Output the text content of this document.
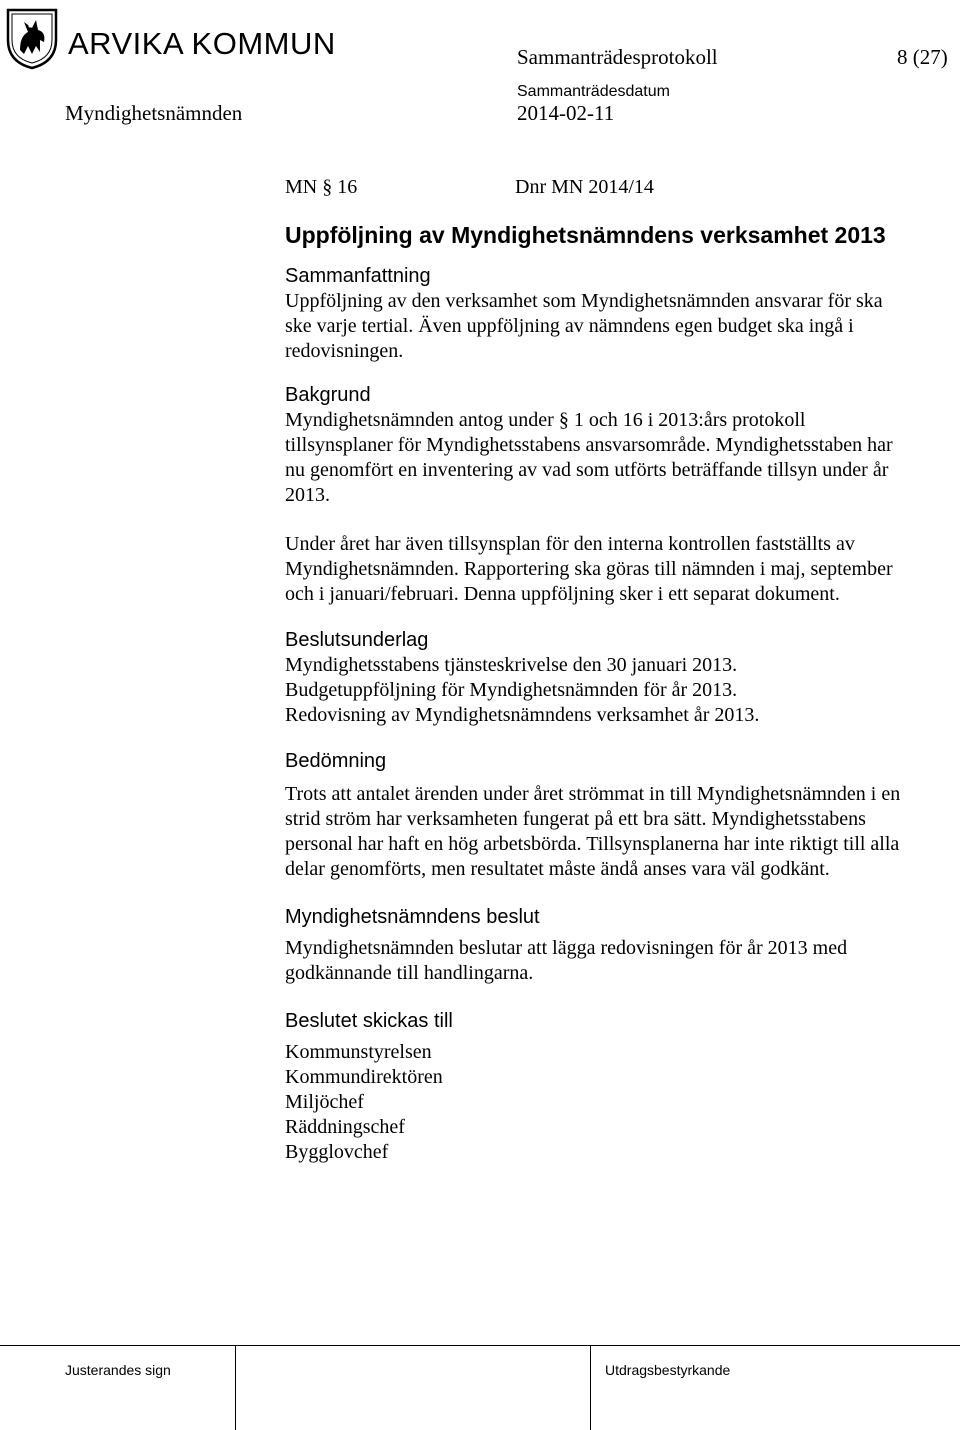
ARVIKA KOMMUN	Sammanträdesprotokoll	8 (27)
Myndighetsnämnden
Sammanträdesdatum
2014-02-11
MN § 16	Dnr MN 2014/14
Uppföljning av Myndighetsnämndens verksamhet 2013
Sammanfattning

Uppföljning av den verksamhet som Myndighetsnämnden ansvarar för ska

ske varje tertial. Även uppföljning av nämndens egen budget ska ingå i

redovisningen.

Bakgrund

Myndighetsnämnden antog under § 1 och 16 i 2013:års protokoll

tillsynsplaner för Myndighetsstabens ansvarsområde. Myndighetsstaben har

nu genomfört en inventering av vad som utförts beträffande tillsyn under år

2013.

Under året har även tillsynsplan för den interna kontrollen fastställts av

Myndighetsnämnden. Rapportering ska göras till nämnden i maj, september

och i januari/februari. Denna uppföljning sker i ett separat dokument.

Beslutsunderlag

Myndighetsstabens tjänsteskrivelse den 30 januari 2013.

Budgetuppföljning för Myndighetsnämnden för år 2013.

Redovisning av Myndighetsnämndens verksamhet år 2013.

Bedömning

Trots att antalet ärenden under året strömmat in till Myndighetsnämnden i en

strid ström har verksamheten fungerat på ett bra sätt. Myndighetsstabens

personal har haft en hög arbetsbörda. Tillsynsplanerna har inte riktigt till alla

delar genomförts, men resultatet måste ändå anses vara väl godkänt.

Myndighetsnämndens beslut

Myndighetsnämnden beslutar att lägga redovisningen för år 2013 med

godkännande till handlingarna.

Beslutet skickas till
Kommunstyrelsen
Kommundirektören
Miljöchef
Räddningschef
Bygglovchef
Justerandes sign	Utdragsbestyrkande
